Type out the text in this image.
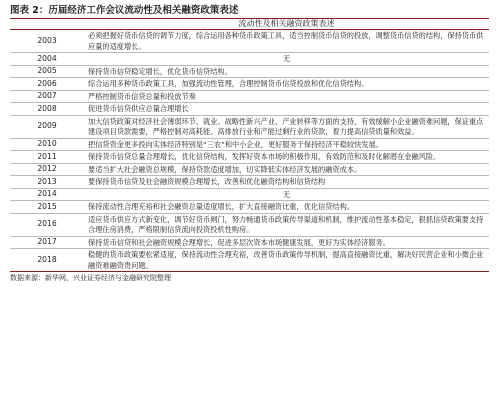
图表 2：历届经济工作会议流动性及相关融资政策表述
	流动性及相关融资政策表述
2003	必须把握好货币信贷的调节力度，综合运用各种货币政策工具，适当控制货币信贷的投放，调整货币信贷的结构，保持货币供应量的适度增长。
2004	无
2005	保持货币信贷稳定增长，优化货币信贷结构。
2006	综合运用多种货币政策工具，加强流动性管理，合理控制货币信贷投放和优化信贷结构。
2007	严格控制货币信贷总量和投放节奏
2008	促进货币信贷供应总量合理增长
2009	加大信贷政策对经济社会薄弱环节、就业、战略性新兴产业、产业转移等方面的支持，有效缓解小企业融资难问题，保证重点建设项目贷款需要，严格控制对高耗能、高排放行业和产能过剩行业的贷款，着力提高信贷质量和效益。
2010	把信贷资金更多投向实体经济特别是“三农”和中小企业，更好服务于保持经济平稳较快发展。
2011	保持货币信贷总量合理增长，优化信贷结构，发挥好资本市场的积极作用，有效防范和及时化解潜在金融风险。
2012	要适当扩大社会融资总规模，保持贷款适度增加，切实降低实体经济发展的融资成本。
2013	要保持货币信贷及社会融资规模合理增长，改善和优化融资结构和信贷结构
2014	无
2015	保持流动性合理充裕和社会融资总量适度增长，扩大直接融资比重，优化信贷结构。
2016	适应货币供应方式新变化，调节好货币闸门，努力畅通货币政策传导渠道和机制，维护流动性基本稳定，狠抓信贷政策要支持合理住房消费，严格限制信贷流向投资投机性购房。
2017	保持货币信贷和社会融资规模合理增长，促进多层次资本市场健康发展，更好为实体经济服务。
2018	稳健的货币政策要松紧适度，保持流动性合理充裕，改善货币政策传导机制，提高直接融资比重，解决好民营企业和小微企业融资难融资贵问题。
数据来源：新华网，兴业证券经济与金融研究院整理
